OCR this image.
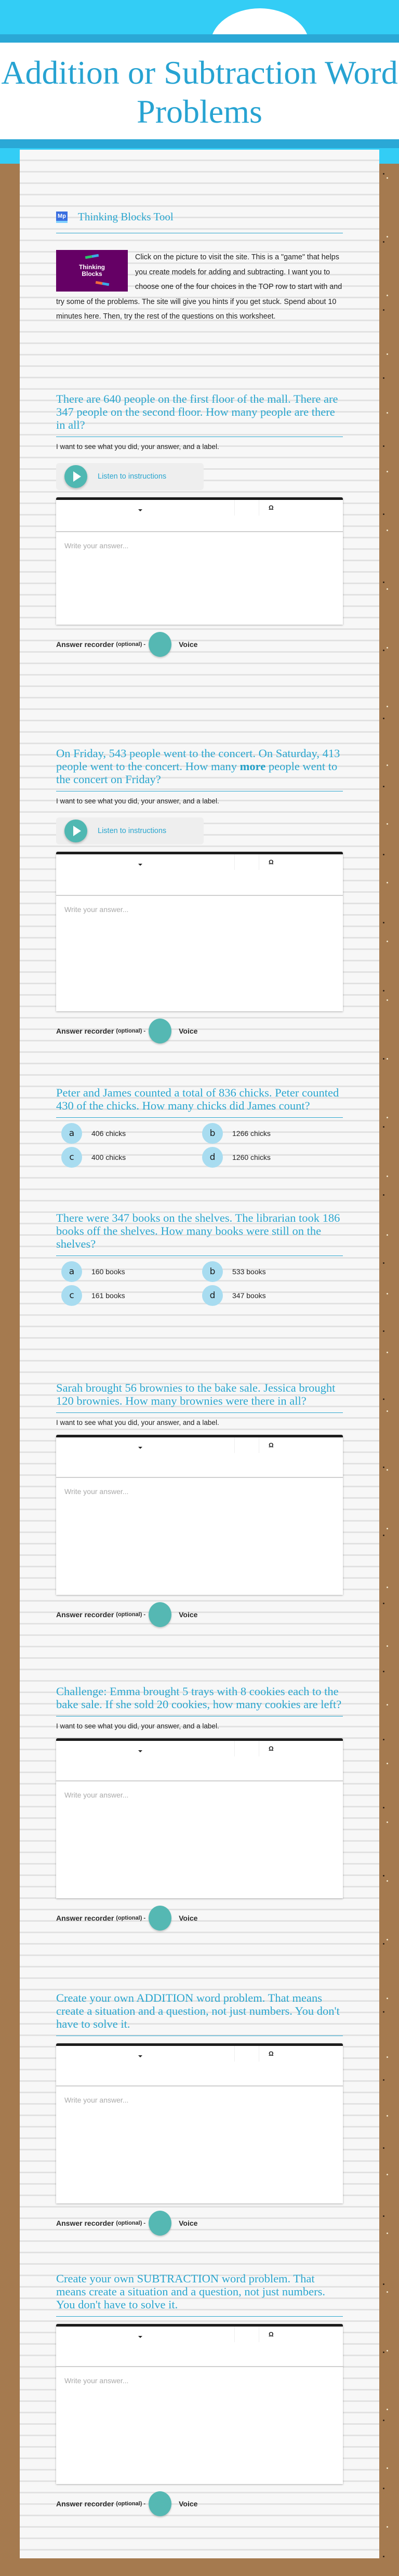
Addition or Subtraction Word Problems
Mp Thinking Blocks Tool
Thinking
Blocks

Click on the picture to visit the site. This is a "game" that helps you create models for adding and subtracting. I want you to choose one of the four choices in the TOP row to start with and try some of the problems. The site will give you hints if you get stuck. Spend about 10 minutes here. Then, try the rest of the questions on this worksheet.

There are 640 people on the first floor of the mall. There are 347 people on the second floor. How many people are there in all?

I want to see what you did, your answer, and a label.

Listen to instructions
Ω
Write your answer...
Answer recorder (optional) -	Voice
On Friday, 543 people went to the concert. On Saturday, 413 people went to the concert. How many more people went to the concert on Friday?

I want to see what you did, your answer, and a label.

Listen to instructions
Ω
Write your answer...
Answer recorder (optional) -	Voice
Peter and James counted a total of 836 chicks. Peter counted 430 of the chicks. How many chicks did James count?
a	406 chicks	b	1266 chicks
c	400 chicks	d	1260 chicks
There were 347 books on the shelves. The librarian took 186 books off the shelves. How many books were still on the shelves?
a	160 books	b	533 books
c	161 books	d	347 books
Sarah brought 56 brownies to the bake sale. Jessica brought 120 brownies. How many brownies were there in all?

I want to see what you did, your answer, and a label.

Ω
Write your answer...
Answer recorder (optional) -	Voice
Challenge: Emma brought 5 trays with 8 cookies each to the bake sale. If she sold 20 cookies, how many cookies are left?

I want to see what you did, your answer, and a label.

Ω
Write your answer...
Answer recorder (optional) -	Voice
Create your own ADDITION word problem. That means create a situation and a question, not just numbers. You don't have to solve it.
Ω
Write your answer...
Answer recorder (optional) -	Voice
Create your own SUBTRACTION word problem. That means create a situation and a question, not just numbers. You don't have to solve it.
Ω
Write your answer...
Answer recorder (optional) -	Voice
